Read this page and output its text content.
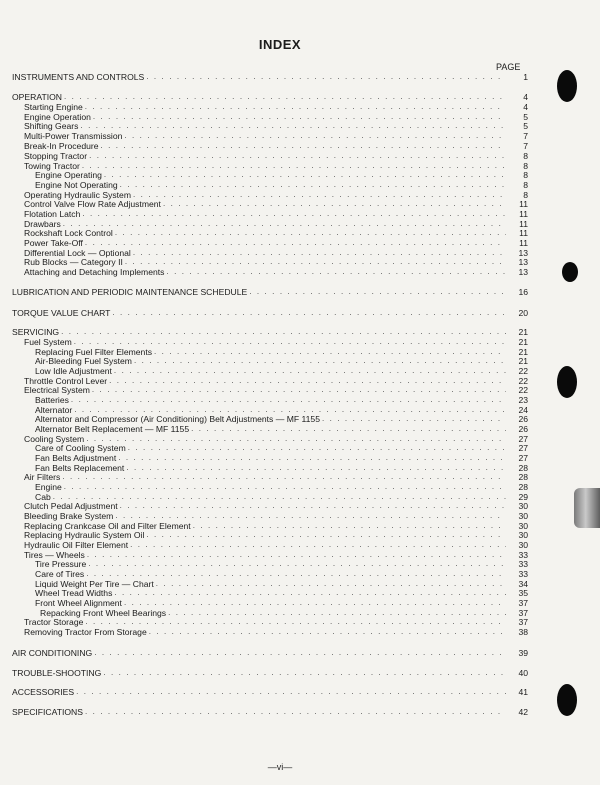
INDEX
PAGE
INSTRUMENTS AND CONTROLS . . .	1
OPERATION . . .	4
Starting Engine . . .	4
Engine Operation . . .	5
Shifting Gears . . .	5
Multi-Power Transmission . . .	7
Break-In Procedure . . .	7
Stopping Tractor . . .	8
Towing Tractor . . .	8
Engine Operating . . .	8
Engine Not Operating . . .	8
Operating Hydraulic System . . .	8
Control Valve Flow Rate Adjustment . . .	11
Flotation Latch . . .	11
Drawbars . . .	11
Rockshaft Lock Control . . .	11
Power Take-Off . . .	11
Differential Lock — Optional . . .	13
Rub Blocks — Category II . . .	13
Attaching and Detaching Implements . . .	13
LUBRICATION AND PERIODIC MAINTENANCE SCHEDULE . . .	16
TORQUE VALUE CHART . . .	20
SERVICING . . .	21
Fuel System . . .	21
Replacing Fuel Filter Elements . . .	21
Air-Bleeding Fuel System . . .	21
Low Idle Adjustment . . .	22
Throttle Control Lever . . .	22
Electrical System . . .	22
Batteries . . .	23
Alternator . . .	24
Alternator and Compressor (Air Conditioning) Belt Adjustments — MF 1155 . . .	26
Alternator Belt Replacement — MF 1155 . . .	26
Cooling System . . .	27
Care of Cooling System . . .	27
Fan Belts Adjustment . . .	27
Fan Belts Replacement . . .	28
Air Filters . . .	28
Engine . . .	28
Cab . . .	29
Clutch Pedal Adjustment . . .	30
Bleeding Brake System . . .	30
Replacing Crankcase Oil and Filter Element . . .	30
Replacing Hydraulic System Oil . . .	30
Hydraulic Oil Filter Element . . .	30
Tires — Wheels . . .	33
Tire Pressure . . .	33
Care of Tires . . .	33
Liquid Weight Per Tire — Chart . . .	34
Wheel Tread Widths . . .	35
Front Wheel Alignment . . .	37
Repacking Front Wheel Bearings . . .	37
Tractor Storage . . .	37
Removing Tractor From Storage . . .	38
AIR CONDITIONING . . .	39
TROUBLE-SHOOTING . . .	40
ACCESSORIES . . .	41
SPECIFICATIONS . . .	42
—vi—
